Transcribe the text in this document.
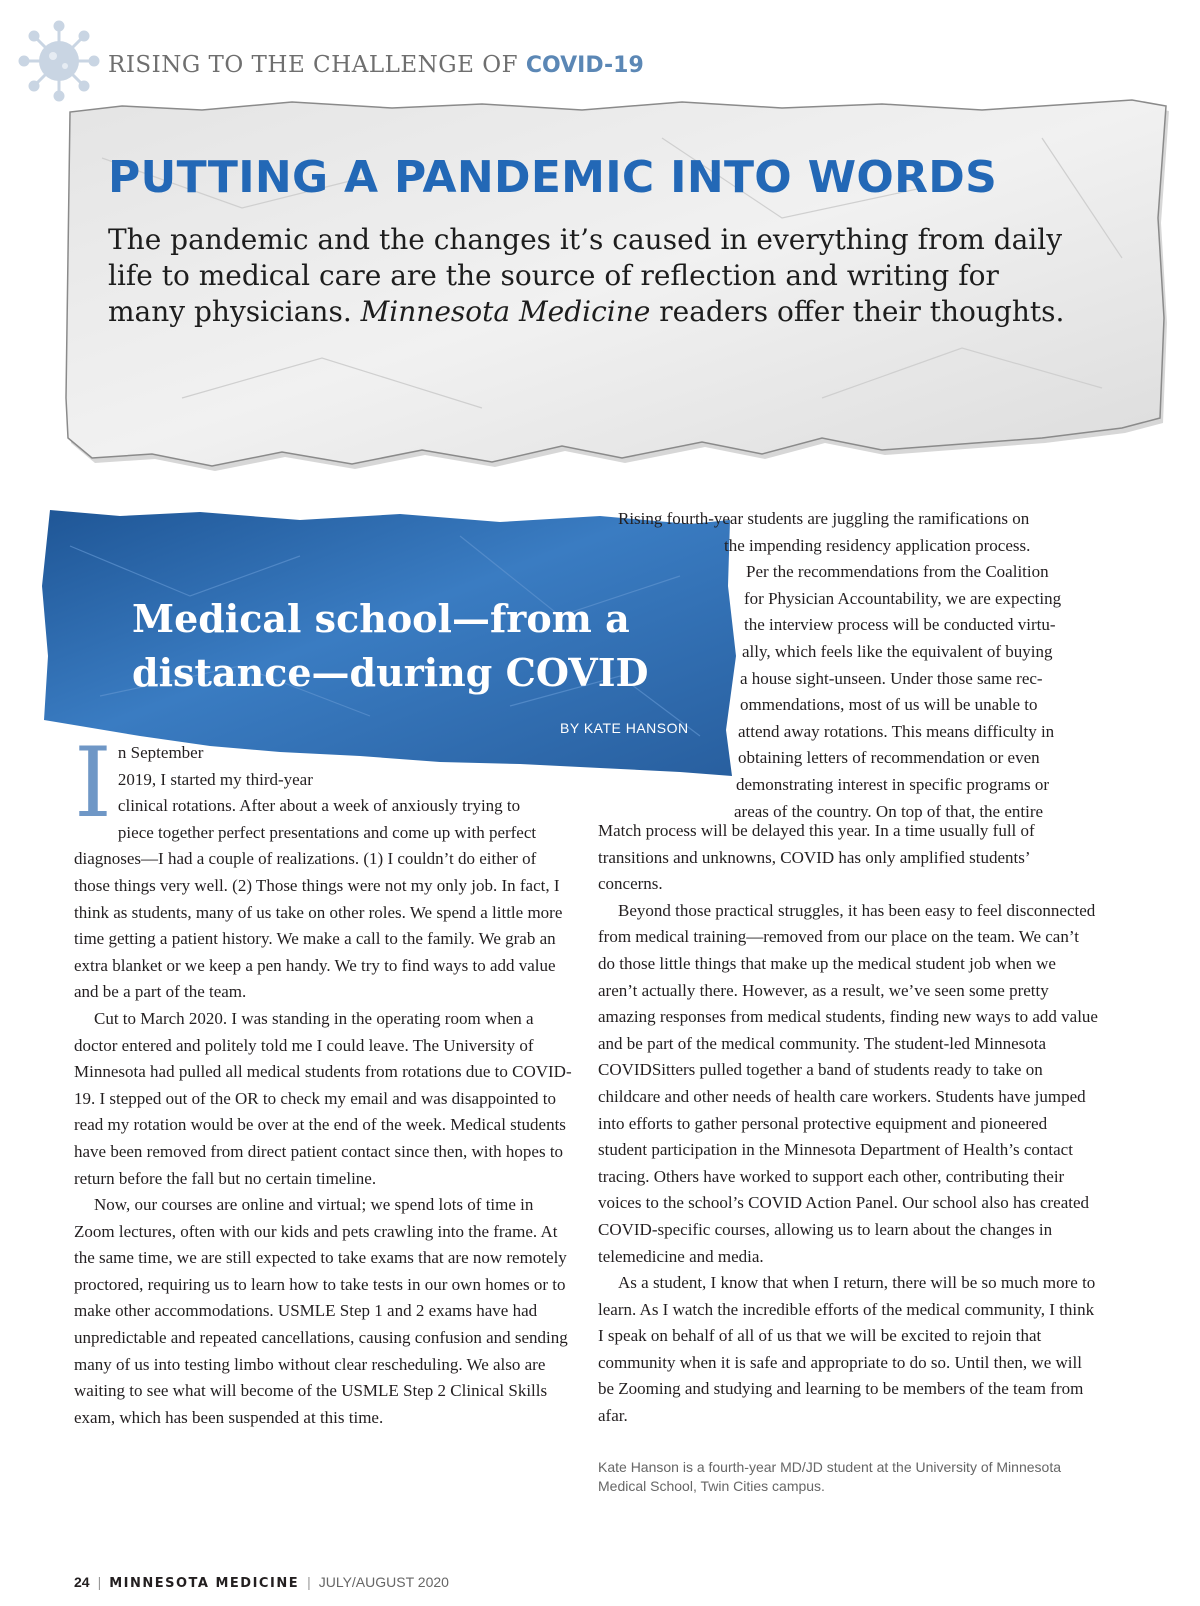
RISING TO THE CHALLENGE OF COVID-19
PUTTING A PANDEMIC INTO WORDS

The pandemic and the changes it’s caused in everything from daily life to medical care are the source of reflection and writing for many physicians. Minnesota Medicine readers offer their thoughts.

Medical school—from a distance—during COVID
BY KATE HANSON
I n September
2019, I started my third-year
clinical rotations. After about a week of anxiously trying to

piece together perfect presentations and come up with perfect diagnoses—I had a couple of realizations. (1) I couldn’t do either of those things very well. (2) Those things were not my only job. In fact, I think as students, many of us take on other roles. We spend a little more time getting a patient history. We make a call to the family. We grab an extra blanket or we keep a pen handy. We try to find ways to add value and be a part of the team.

Cut to March 2020. I was standing in the operating room when a doctor entered and politely told me I could leave. The University of Minnesota had pulled all medical students from rotations due to COVID-19. I stepped out of the OR to check my email and was disappointed to read my rotation would be over at the end of the week. Medical students have been removed from direct patient contact since then, with hopes to return before the fall but no certain timeline.

Now, our courses are online and virtual; we spend lots of time in Zoom lectures, often with our kids and pets crawling into the frame. At the same time, we are still expected to take exams that are now remotely proctored, requiring us to learn how to take tests in our own homes or to make other accommodations. USMLE Step 1 and 2 exams have had unpredictable and repeated cancellations, causing confusion and sending many of us into testing limbo without clear rescheduling. We also are waiting to see what will become of the USMLE Step 2 Clinical Skills exam, which has been suspended at this time.

Rising fourth-year students are juggling the ramifications on
the impending residency application process.
Per the recommendations from the Coalition
for Physician Accountability, we are expecting
the interview process will be conducted virtu-
ally, which feels like the equivalent of buying
a house sight-unseen. Under those same rec-
ommendations, most of us will be unable to
attend away rotations. This means difficulty in
obtaining letters of recommendation or even
demonstrating interest in specific programs or
areas of the country. On top of that, the entire

Match process will be delayed this year. In a time usually full of transitions and unknowns, COVID has only amplified students’ concerns.

Beyond those practical struggles, it has been easy to feel disconnected from medical training—removed from our place on the team. We can’t do those little things that make up the medical student job when we aren’t actually there. However, as a result, we’ve seen some pretty amazing responses from medical students, finding new ways to add value and be part of the medical community. The student-led Minnesota COVIDSitters pulled together a band of students ready to take on childcare and other needs of health care workers. Students have jumped into efforts to gather personal protective equipment and pioneered student participation in the Minnesota Department of Health’s contact tracing. Others have worked to support each other, contributing their voices to the school’s COVID Action Panel. Our school also has created COVID-specific courses, allowing us to learn about the changes in telemedicine and media.

As a student, I know that when I return, there will be so much more to learn. As I watch the incredible efforts of the medical community, I think I speak on behalf of all of us that we will be excited to rejoin that community when it is safe and appropriate to do so. Until then, we will be Zooming and studying and learning to be members of the team from afar.

Kate Hanson is a fourth-year MD/JD student at the University of Minnesota Medical School, Twin Cities campus.
24 | MINNESOTA MEDICINE | JULY/AUGUST 2020
